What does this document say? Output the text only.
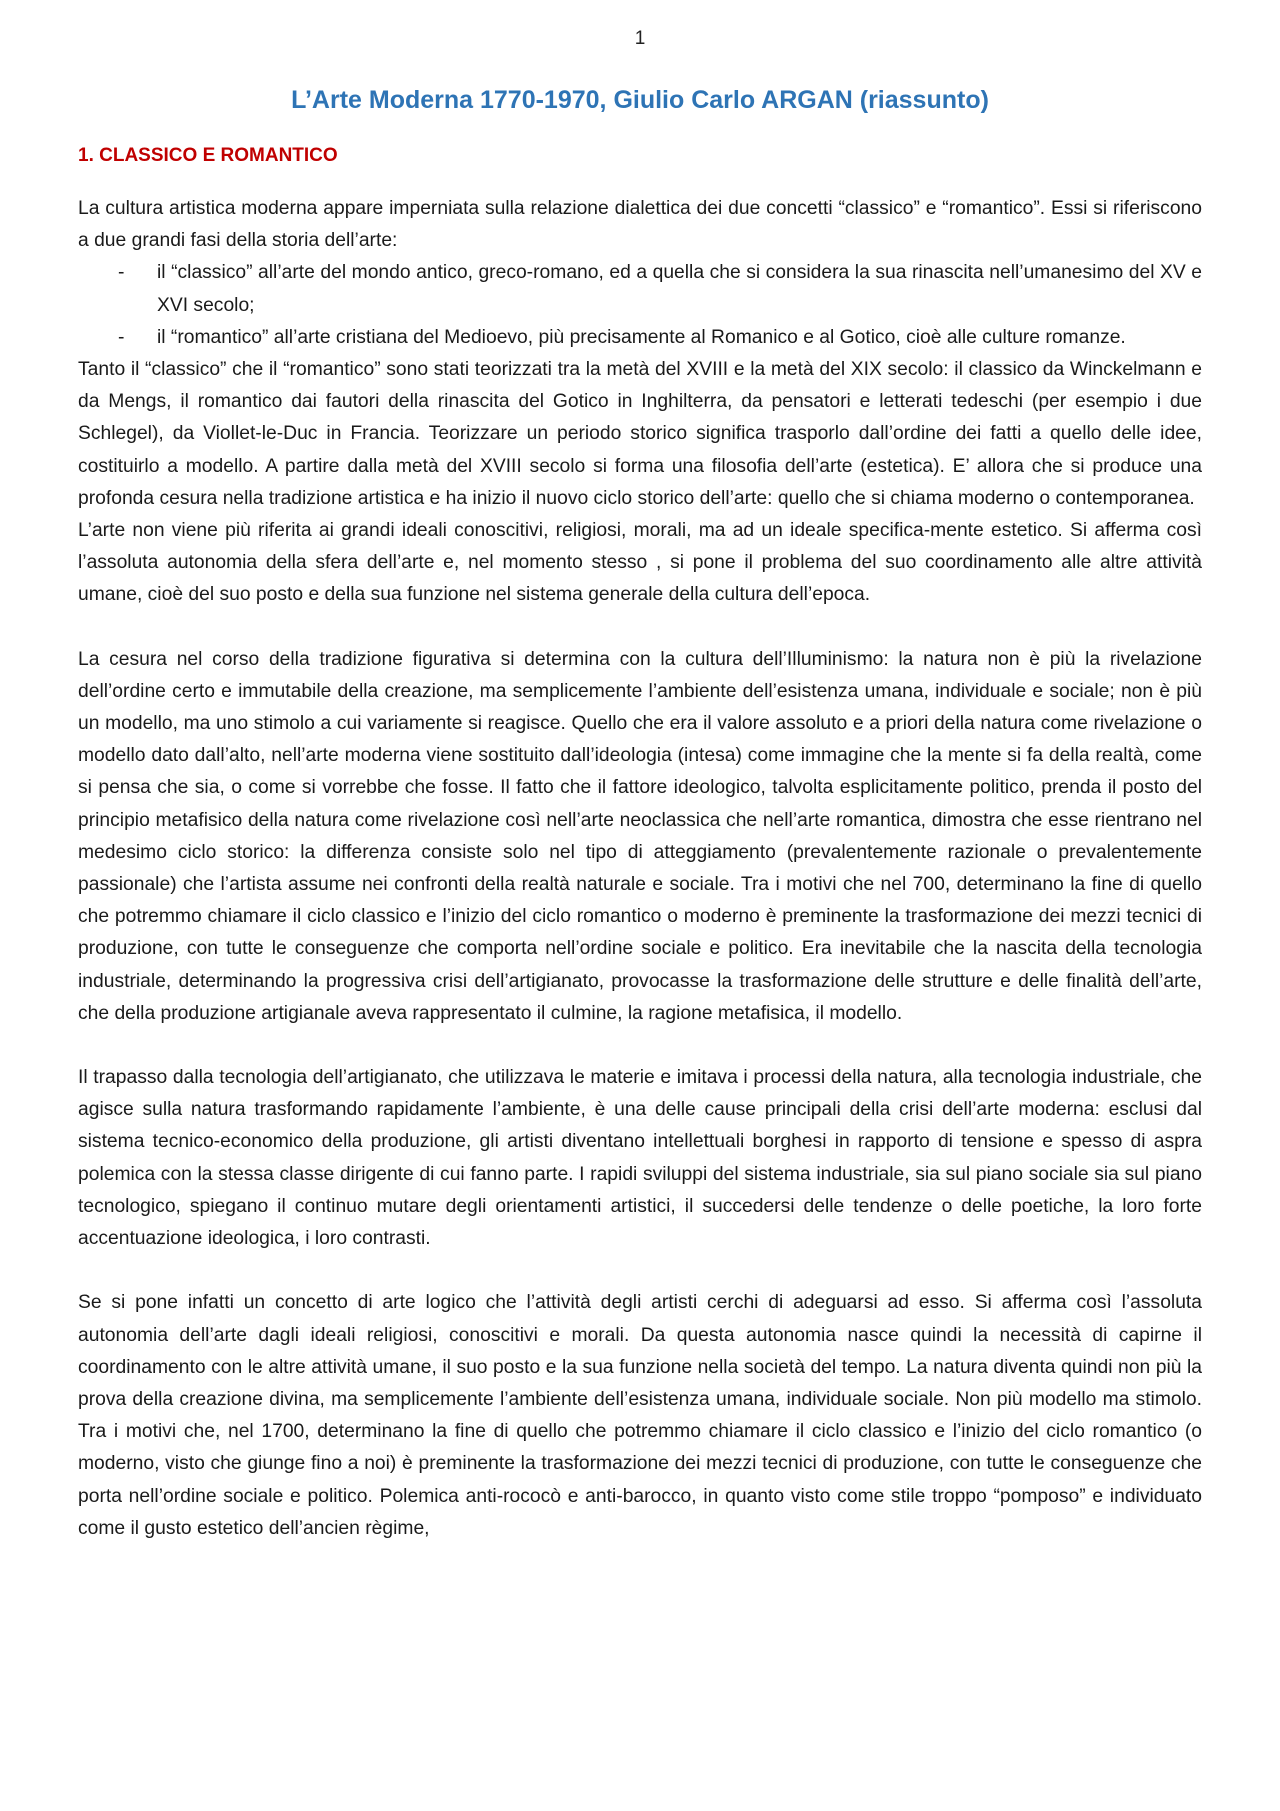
1
L’Arte Moderna 1770-1970, Giulio Carlo ARGAN (riassunto)
1. CLASSICO E ROMANTICO

La cultura artistica moderna appare imperniata sulla relazione dialettica dei due concetti “classico” e “romantico”. Essi si riferiscono a due grandi fasi della storia dell’arte:

- il “classico” all’arte del mondo antico, greco-romano, ed a quella che si considera la sua rinascita nell’umanesimo del XV e XVI secolo;
- il “romantico” all’arte cristiana del Medioevo, più precisamente al Romanico e al Gotico, cioè alle culture romanze.

Tanto il “classico” che il “romantico” sono stati teorizzati tra la metà del XVIII e la metà del XIX secolo: il classico da Winckelmann e da Mengs, il romantico dai fautori della rinascita del Gotico in Inghilterra, da pensatori e letterati tedeschi (per esempio i due Schlegel), da Viollet-le-Duc in Francia. Teorizzare un periodo storico significa trasporlo dall’ordine dei fatti a quello delle idee, costituirlo a modello. A partire dalla metà del XVIII secolo si forma una filosofia dell’arte (estetica). E’ allora che si produce una profonda cesura nella tradizione artistica e ha inizio il nuovo ciclo storico dell’arte: quello che si chiama moderno o contemporanea.

L’arte non viene più riferita ai grandi ideali conoscitivi, religiosi, morali, ma ad un ideale specifica-mente estetico. Si afferma così l’assoluta autonomia della sfera dell’arte e, nel momento stesso , si pone il problema del suo coordinamento alle altre attività umane, cioè del suo posto e della sua funzione nel sistema generale della cultura dell’epoca.

La cesura nel corso della tradizione figurativa si determina con la cultura dell’Illuminismo: la natura non è più la rivelazione dell’ordine certo e immutabile della creazione, ma semplicemente l’ambiente dell’esistenza umana, individuale e sociale; non è più un modello, ma uno stimolo a cui variamente si reagisce. Quello che era il valore assoluto e a priori della natura come rivelazione o modello dato dall’alto, nell’arte moderna viene sostituito dall’ideologia (intesa) come immagine che la mente si fa della realtà, come si pensa che sia, o come si vorrebbe che fosse. Il fatto che il fattore ideologico, talvolta esplicitamente politico, prenda il posto del principio metafisico della natura come rivelazione così nell’arte neoclassica che nell’arte romantica, dimostra che esse rientrano nel medesimo ciclo storico: la differenza consiste solo nel tipo di atteggiamento (prevalentemente razionale o prevalentemente passionale) che l’artista assume nei confronti della realtà naturale e sociale. Tra i motivi che nel 700, determinano la fine di quello che potremmo chiamare il ciclo classico e l’inizio del ciclo romantico o moderno è preminente la trasformazione dei mezzi tecnici di produzione, con tutte le conseguenze che comporta nell’ordine sociale e politico. Era inevitabile che la nascita della tecnologia industriale, determinando la progressiva crisi dell’artigianato, provocasse la trasformazione delle strutture e delle finalità dell’arte, che della produzione artigianale aveva rappresentato il culmine, la ragione metafisica, il modello.

Il trapasso dalla tecnologia dell’artigianato, che utilizzava le materie e imitava i processi della natura, alla tecnologia industriale, che agisce sulla natura trasformando rapidamente l’ambiente, è una delle cause principali della crisi dell’arte moderna: esclusi dal sistema tecnico-economico della produzione, gli artisti diventano intellettuali borghesi in rapporto di tensione e spesso di aspra polemica con la stessa classe dirigente di cui fanno parte. I rapidi sviluppi del sistema industriale, sia sul piano sociale sia sul piano tecnologico, spiegano il continuo mutare degli orientamenti artistici, il succedersi delle tendenze o delle poetiche, la loro forte accentuazione ideologica, i loro contrasti.

Se si pone infatti un concetto di arte logico che l’attività degli artisti cerchi di adeguarsi ad esso. Si afferma così l’assoluta autonomia dell’arte dagli ideali religiosi, conoscitivi e morali. Da questa autonomia nasce quindi la necessità di capirne il coordinamento con le altre attività umane, il suo posto e la sua funzione nella società del tempo. La natura diventa quindi non più la prova della creazione divina, ma semplicemente l’ambiente dell’esistenza umana, individuale sociale. Non più modello ma stimolo. Tra i motivi che, nel 1700, determinano la fine di quello che potremmo chiamare il ciclo classico e l’inizio del ciclo romantico (o moderno, visto che giunge fino a noi) è preminente la trasformazione dei mezzi tecnici di produzione, con tutte le conseguenze che porta nell’ordine sociale e politico. Polemica anti-rococò e anti-barocco, in quanto visto come stile troppo “pomposo” e individuato come il gusto estetico dell’ancien règime,
